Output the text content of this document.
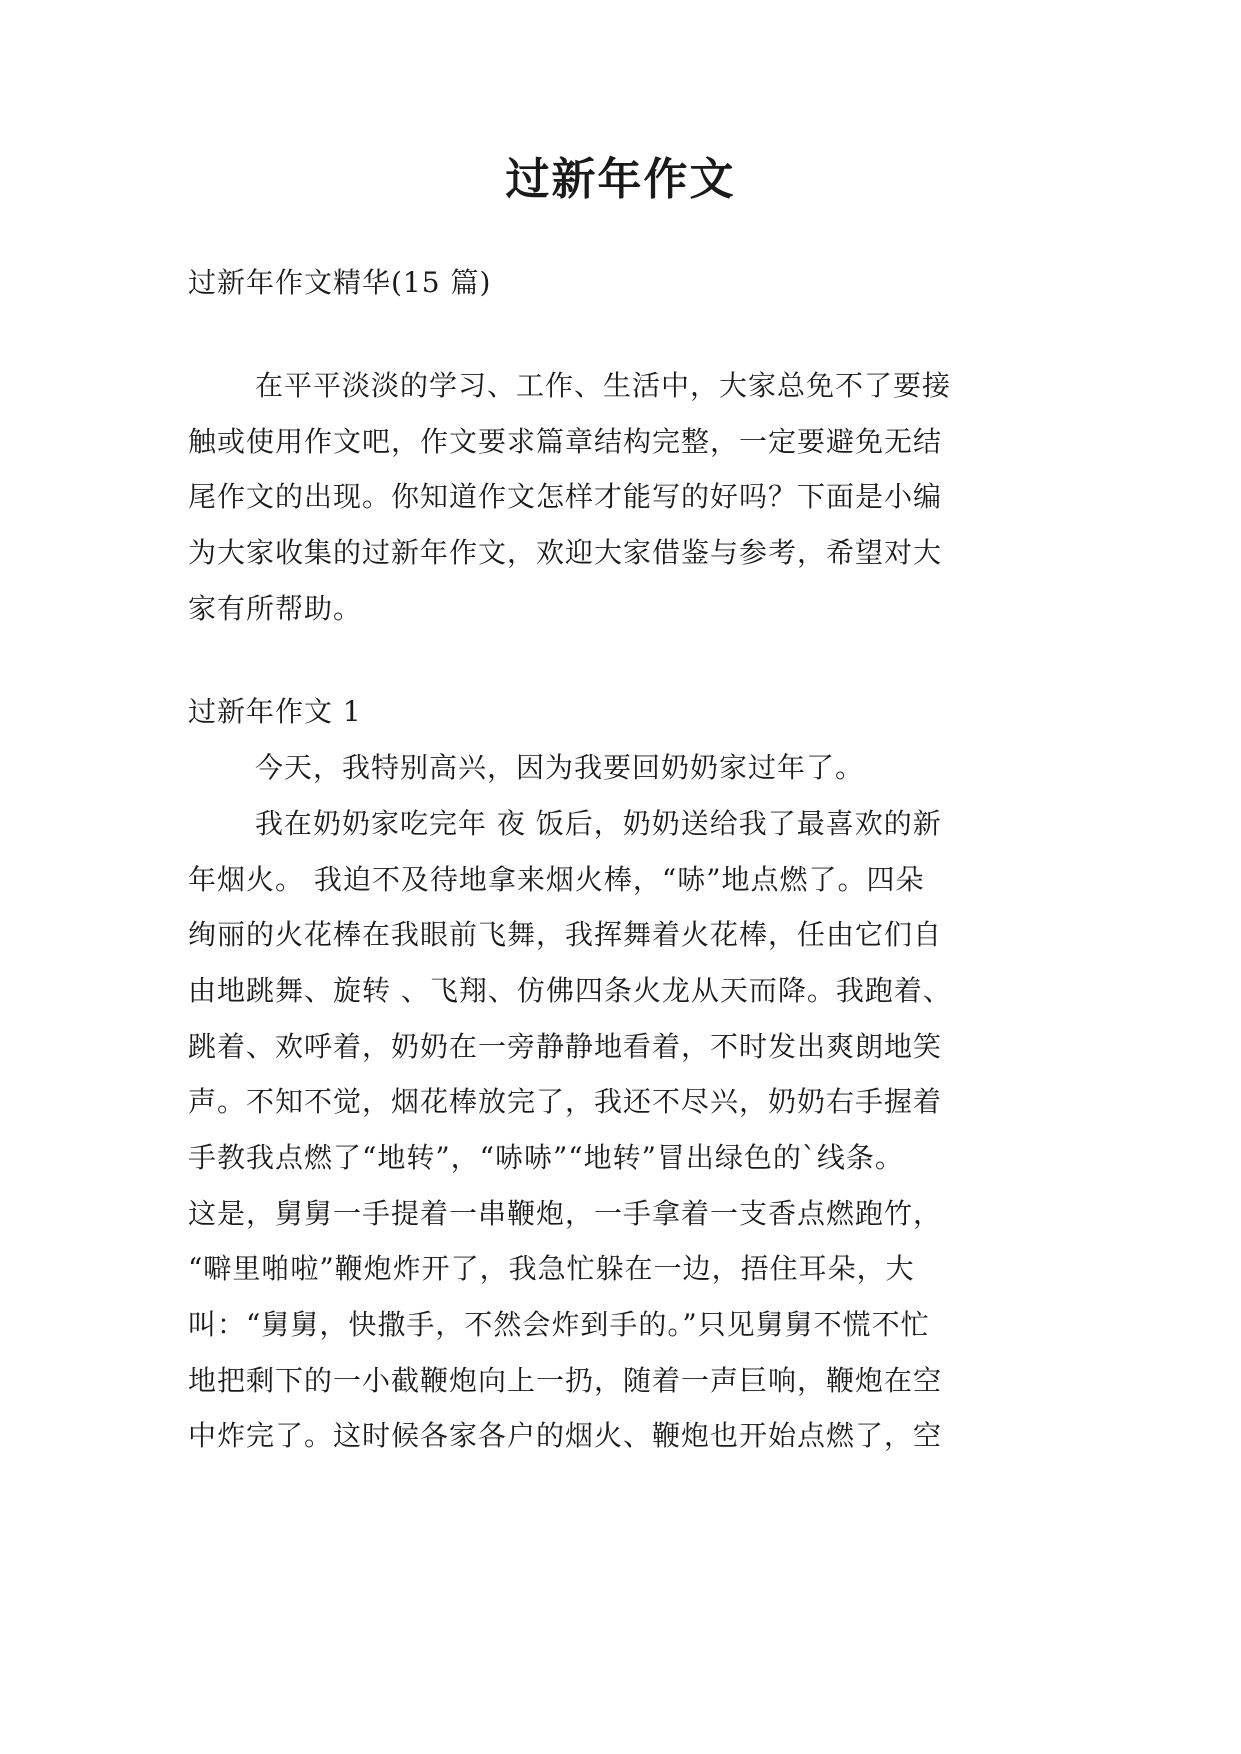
过新年作文

过新年作文精华(15 篇)

在平平淡淡的学习、工作、生活中，大家总免不了要接

触或使用作文吧，作文要求篇章结构完整，一定要避免无结

尾作文的出现。你知道作文怎样才能写的好吗？下面是小编

为大家收集的过新年作文，欢迎大家借鉴与参考，希望对大

家有所帮助。

过新年作文 1

今天，我特别高兴，因为我要回奶奶家过年了。

我在奶奶家吃完年 夜 饭后，奶奶送给我了最喜欢的新

年烟火。 我迫不及待地拿来烟火棒，“哧”地点燃了。四朵

绚丽的火花棒在我眼前飞舞，我挥舞着火花棒，任由它们自

由地跳舞、旋转 、飞翔、仿佛四条火龙从天而降。我跑着、

跳着、欢呼着，奶奶在一旁静静地看着，不时发出爽朗地笑

声。不知不觉，烟花棒放完了，我还不尽兴，奶奶右手握着

手教我点燃了“地转”，“哧哧”“地转”冒出绿色的`线条。

这是，舅舅一手提着一串鞭炮，一手拿着一支香点燃跑竹，

“噼里啪啦”鞭炮炸开了，我急忙躲在一边，捂住耳朵，大

叫：“舅舅，快撒手，不然会炸到手的。”只见舅舅不慌不忙

地把剩下的一小截鞭炮向上一扔，随着一声巨响，鞭炮在空

中炸完了。这时候各家各户的烟火、鞭炮也开始点燃了，空
